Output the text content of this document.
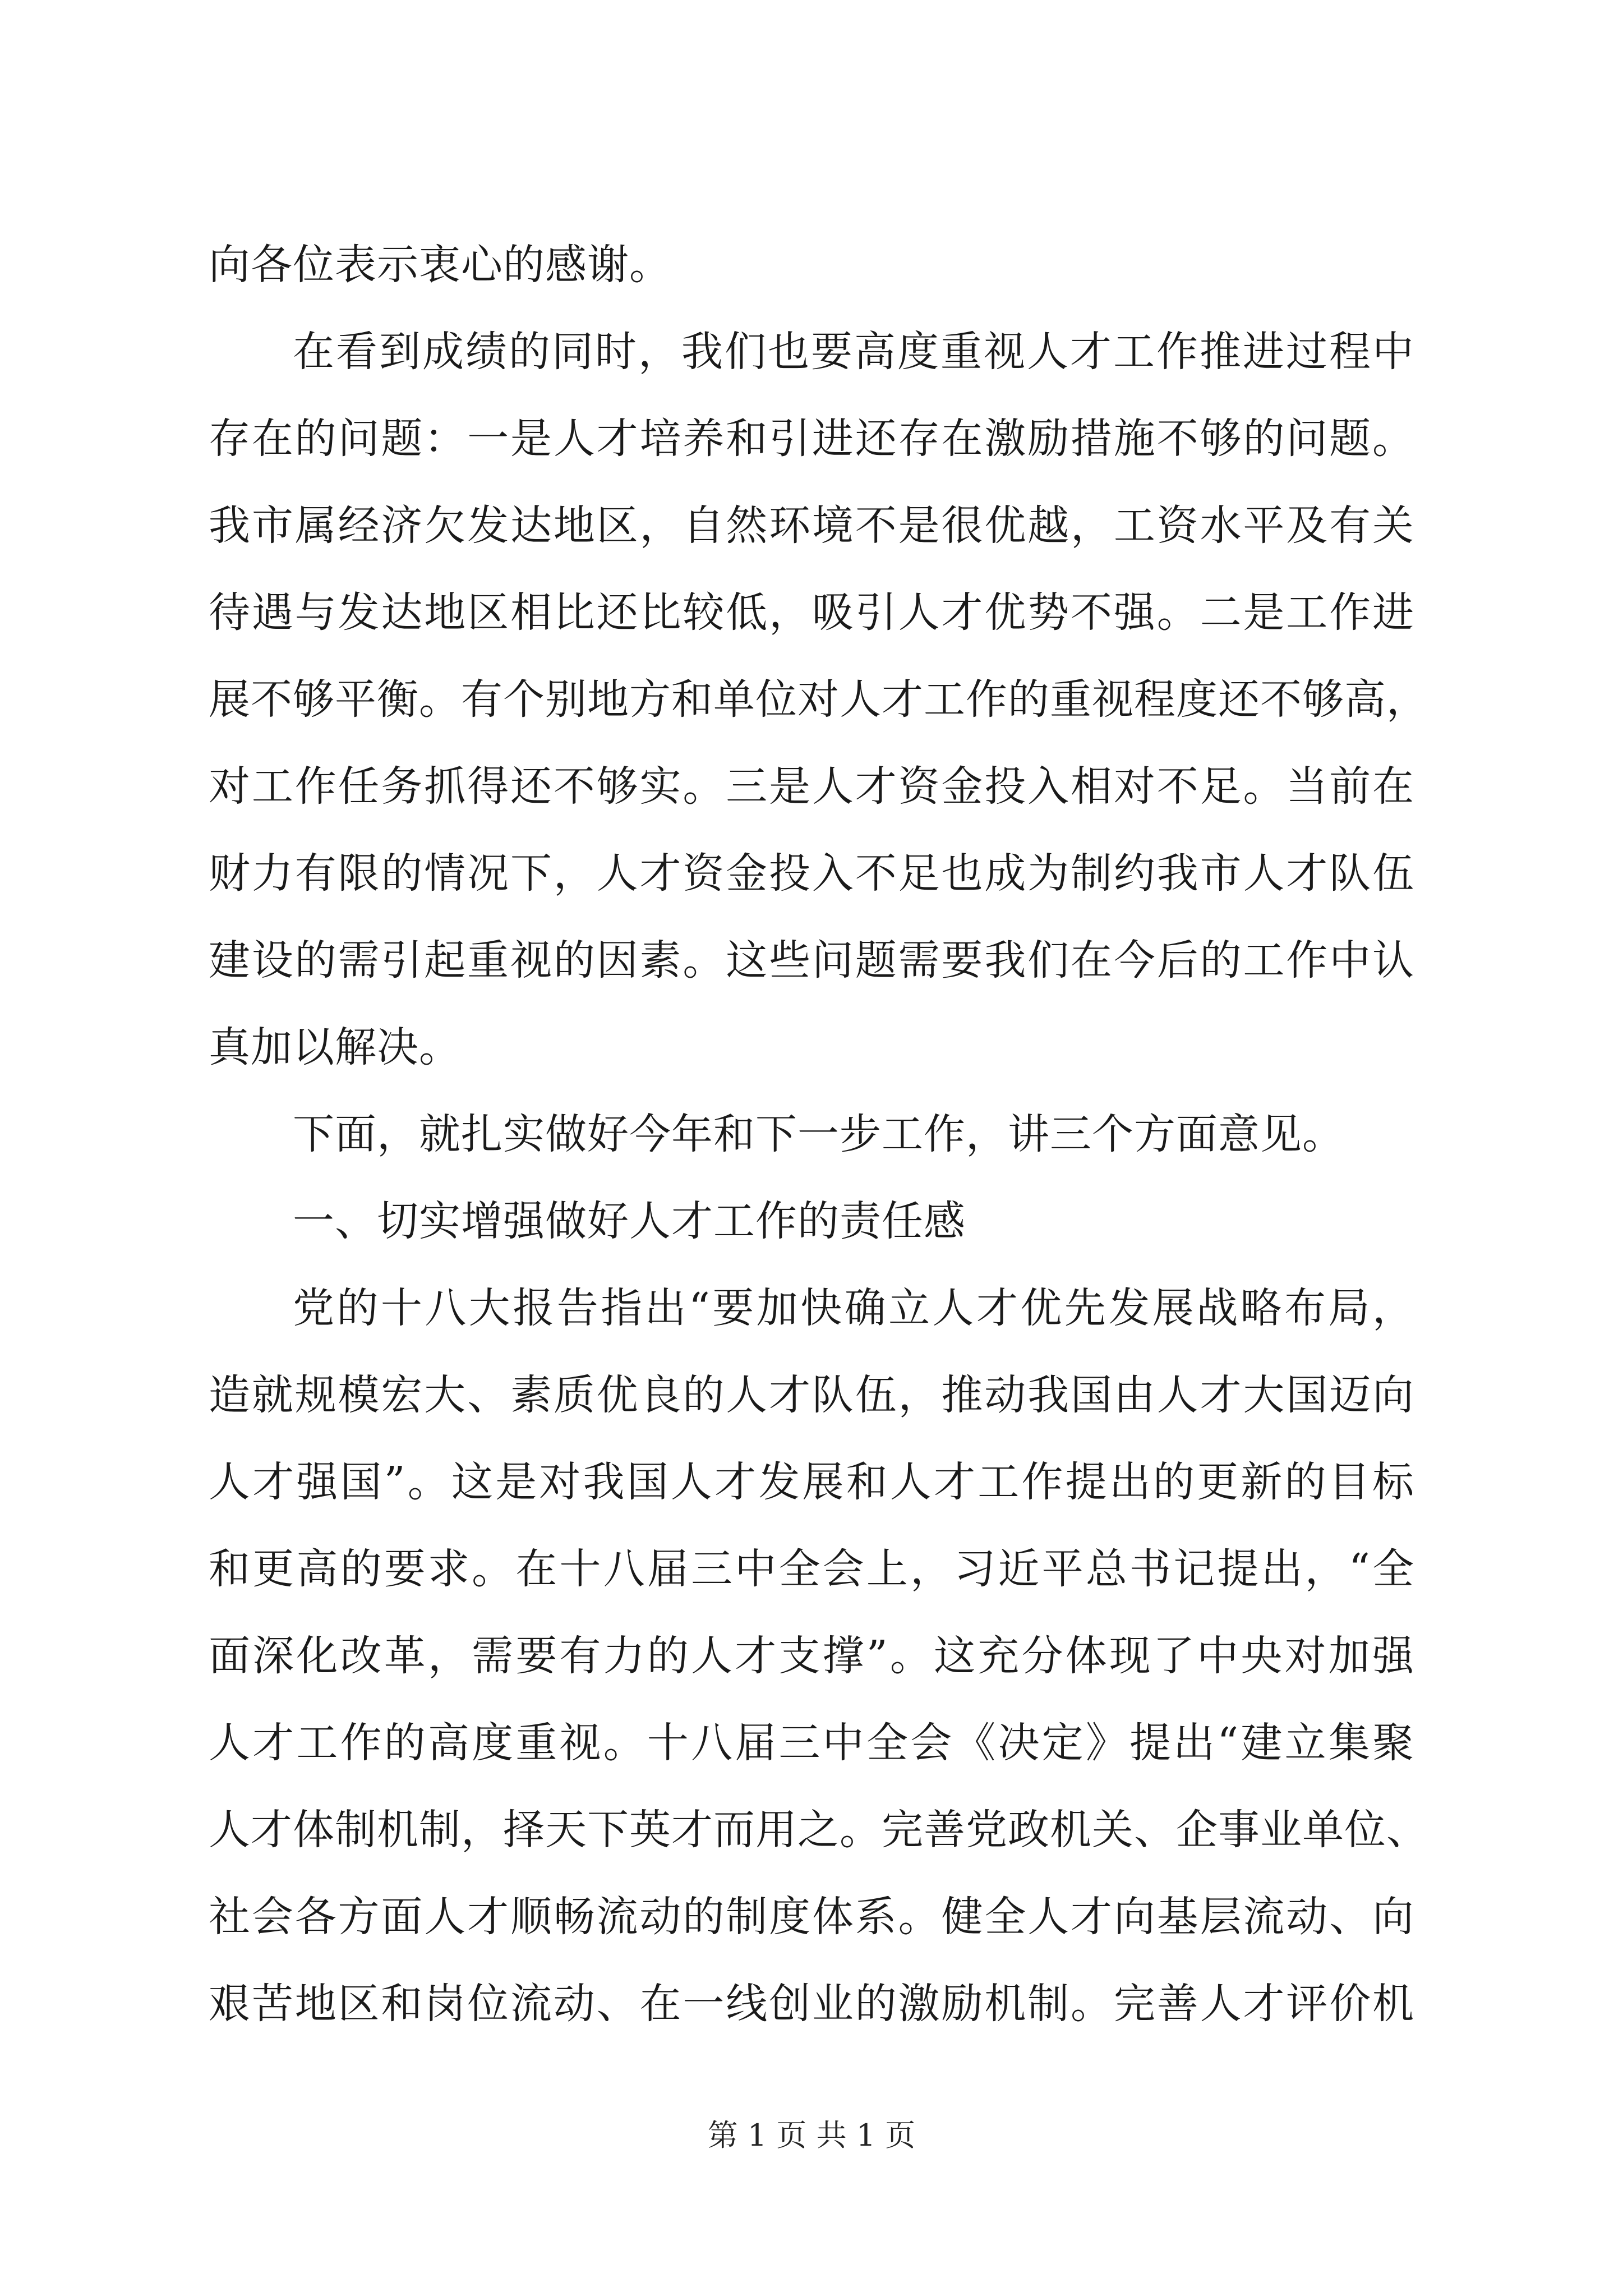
向各位表示衷心的感谢。
在看到成绩的同时，我们也要高度重视人才工作推进过程中
存在的问题：一是人才培养和引进还存在激励措施不够的问题。
我市属经济欠发达地区，自然环境不是很优越，工资水平及有关
待遇与发达地区相比还比较低，吸引人才优势不强。二是工作进
展不够平衡。有个别地方和单位对人才工作的重视程度还不够高，
对工作任务抓得还不够实。三是人才资金投入相对不足。当前在
财力有限的情况下，人才资金投入不足也成为制约我市人才队伍
建设的需引起重视的因素。这些问题需要我们在今后的工作中认
真加以解决。
下面，就扎实做好今年和下一步工作，讲三个方面意见。
一、切实增强做好人才工作的责任感
党的十八大报告指出“要加快确立人才优先发展战略布局，
造就规模宏大、素质优良的人才队伍，推动我国由人才大国迈向
人才强国”。这是对我国人才发展和人才工作提出的更新的目标
和更高的要求。在十八届三中全会上，习近平总书记提出，“全
面深化改革，需要有力的人才支撑”。这充分体现了中央对加强
人才工作的高度重视。十八届三中全会《决定》提出“建立集聚
人才体制机制，择天下英才而用之。完善党政机关、企事业单位、
社会各方面人才顺畅流动的制度体系。健全人才向基层流动、向
艰苦地区和岗位流动、在一线创业的激励机制。完善人才评价机
第 1 页 共 1 页
